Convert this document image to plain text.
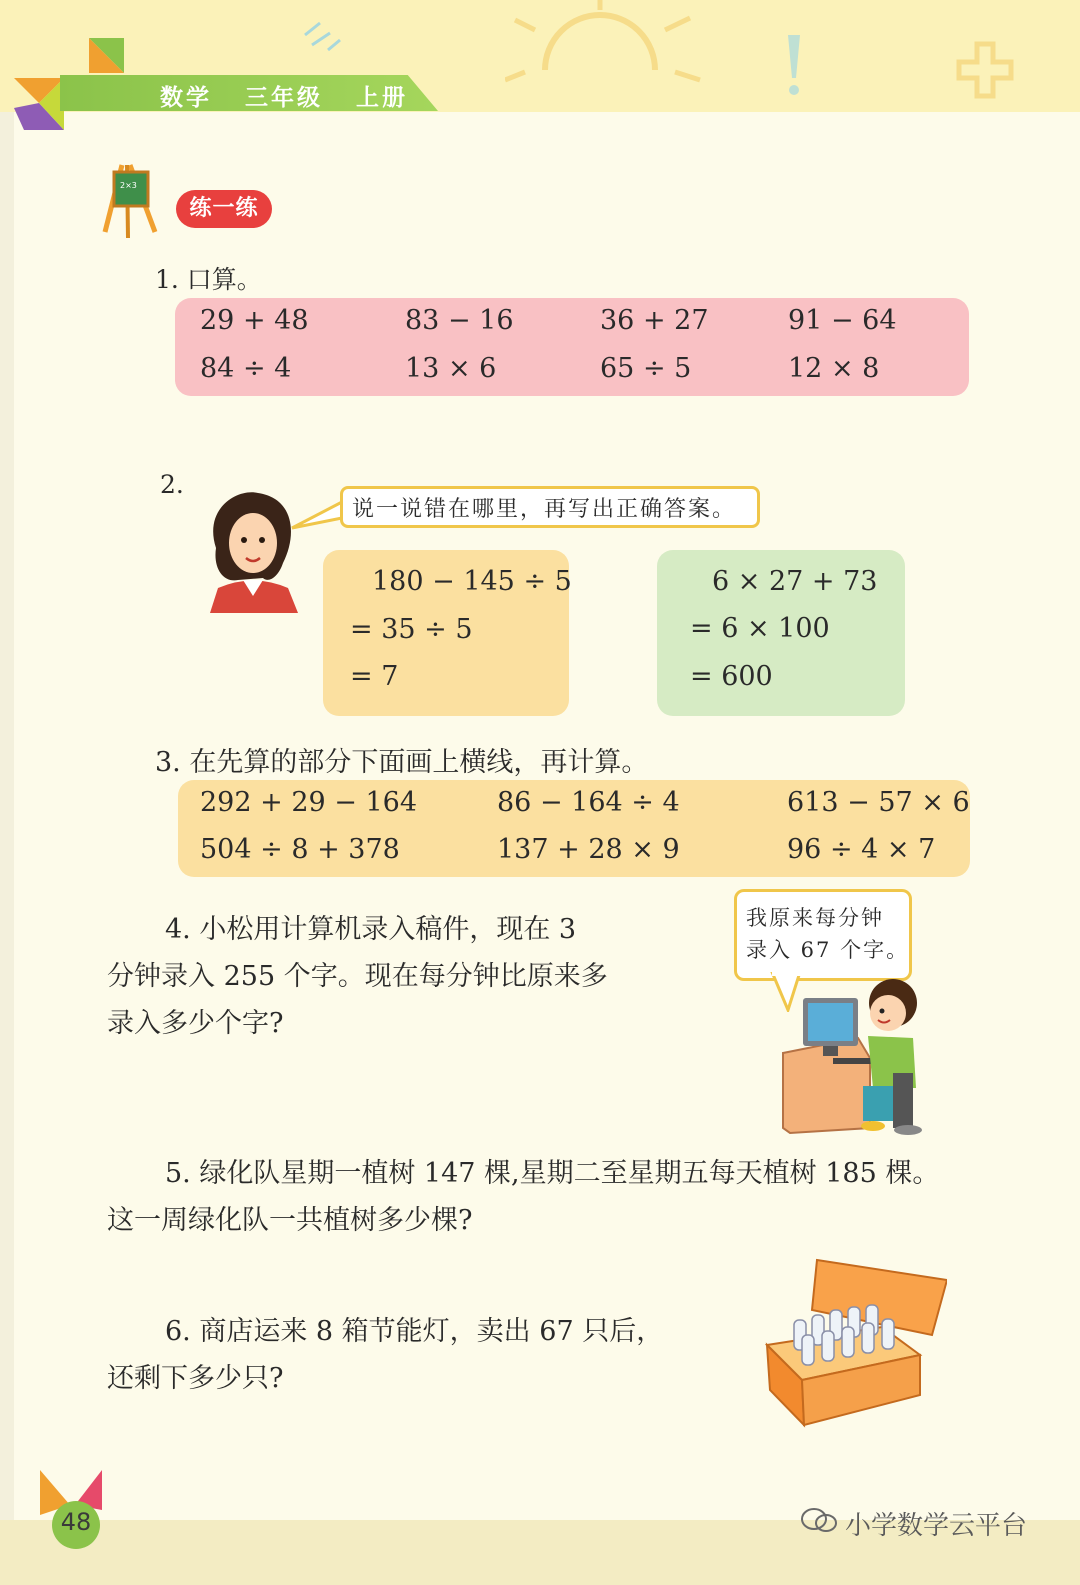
数学 三年级 上册
2×3
练一练
1. 口算。
29 + 48	83 − 16	36 + 27	91 − 64
84 ÷ 4	13 × 6	65 ÷ 5	12 × 8
2.
说一说错在哪里，再写出正确答案。
180 − 145 ÷ 5
= 35 ÷ 5
= 7
6 × 27 + 73
= 6 × 100
= 600
3. 在先算的部分下面画上横线，再计算。
292 + 29 − 164	86 − 164 ÷ 4	613 − 57 × 6
504 ÷ 8 + 378	137 + 28 × 9	96 ÷ 4 × 7
4. 小松用计算机录入稿件，现在 3
分钟录入 255 个字。现在每分钟比原来多
录入多少个字?
我原来每分钟
录入 67 个字。
5. 绿化队星期一植树 147 棵,星期二至星期五每天植树 185 棵。
这一周绿化队一共植树多少棵?
6. 商店运来 8 箱节能灯，卖出 67 只后，
还剩下多少只?
48	小学数学云平台
